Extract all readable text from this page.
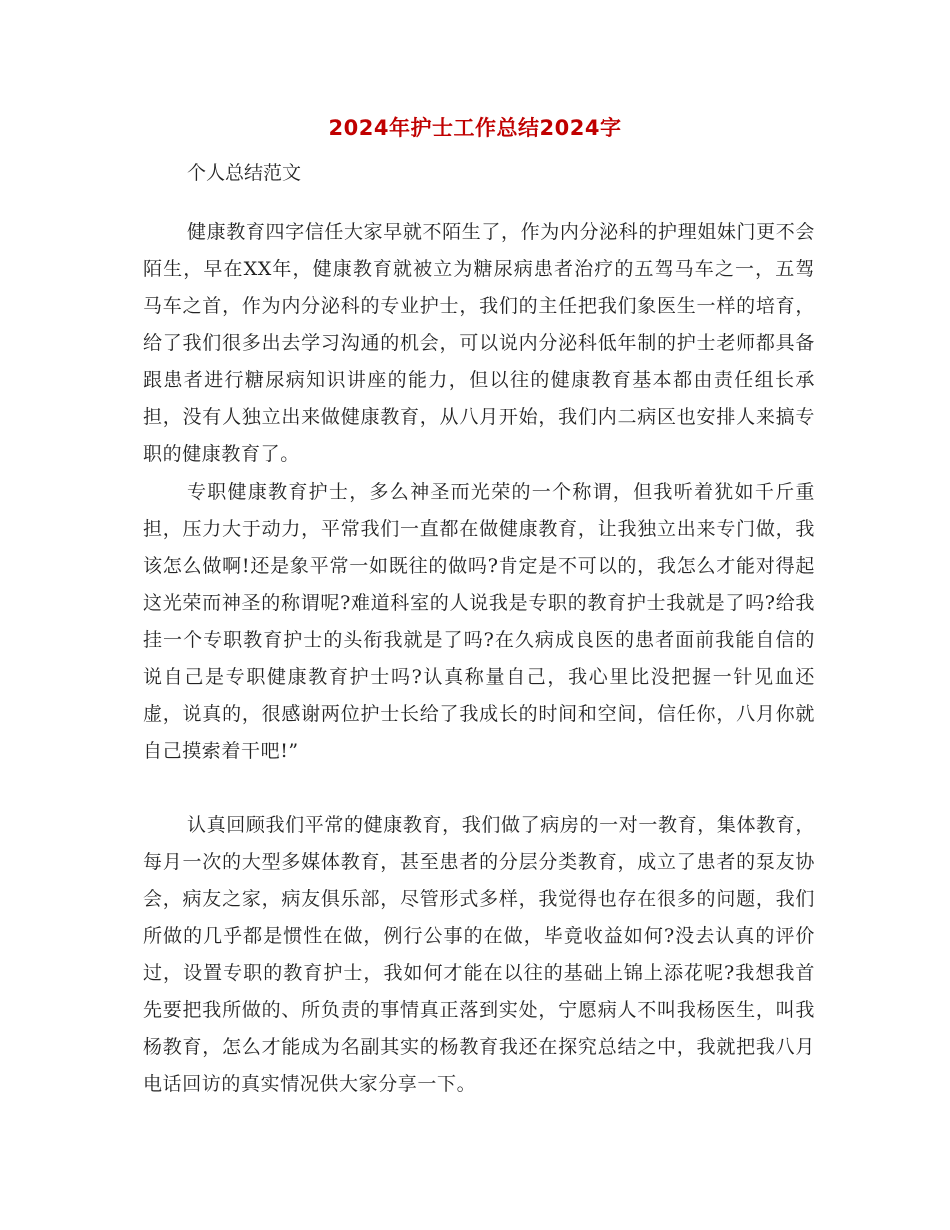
2024年护士工作总结2024字
个人总结范文

健康教育四字信任大家早就不陌生了，作为内分泌科的护理姐妹门更不会陌生，早在XX年，健康教育就被立为糖尿病患者治疗的五驾马车之一，五驾马车之首，作为内分泌科的专业护士，我们的主任把我们象医生一样的培育，给了我们很多出去学习沟通的机会，可以说内分泌科低年制的护士老师都具备跟患者进行糖尿病知识讲座的能力，但以往的健康教育基本都由责任组长承担，没有人独立出来做健康教育，从八月开始，我们内二病区也安排人来搞专职的健康教育了。

专职健康教育护士，多么神圣而光荣的一个称谓，但我听着犹如千斤重担，压力大于动力，平常我们一直都在做健康教育，让我独立出来专门做，我该怎么做啊!还是象平常一如既往的做吗?肯定是不可以的，我怎么才能对得起这光荣而神圣的称谓呢?难道科室的人说我是专职的教育护士我就是了吗?给我挂一个专职教育护士的头衔我就是了吗?在久病成良医的患者面前我能自信的说自己是专职健康教育护士吗?认真称量自己，我心里比没把握一针见血还虚，说真的，很感谢两位护士长给了我成长的时间和空间，信任你，八月你就自己摸索着干吧!”

认真回顾我们平常的健康教育，我们做了病房的一对一教育，集体教育，每月一次的大型多媒体教育，甚至患者的分层分类教育，成立了患者的泵友协会，病友之家，病友俱乐部，尽管形式多样，我觉得也存在很多的问题，我们所做的几乎都是惯性在做，例行公事的在做，毕竟收益如何?没去认真的评价过，设置专职的教育护士，我如何才能在以往的基础上锦上添花呢?我想我首先要把我所做的、所负责的事情真正落到实处，宁愿病人不叫我杨医生，叫我杨教育，怎么才能成为名副其实的杨教育我还在探究总结之中，我就把我八月电话回访的真实情况供大家分享一下。
